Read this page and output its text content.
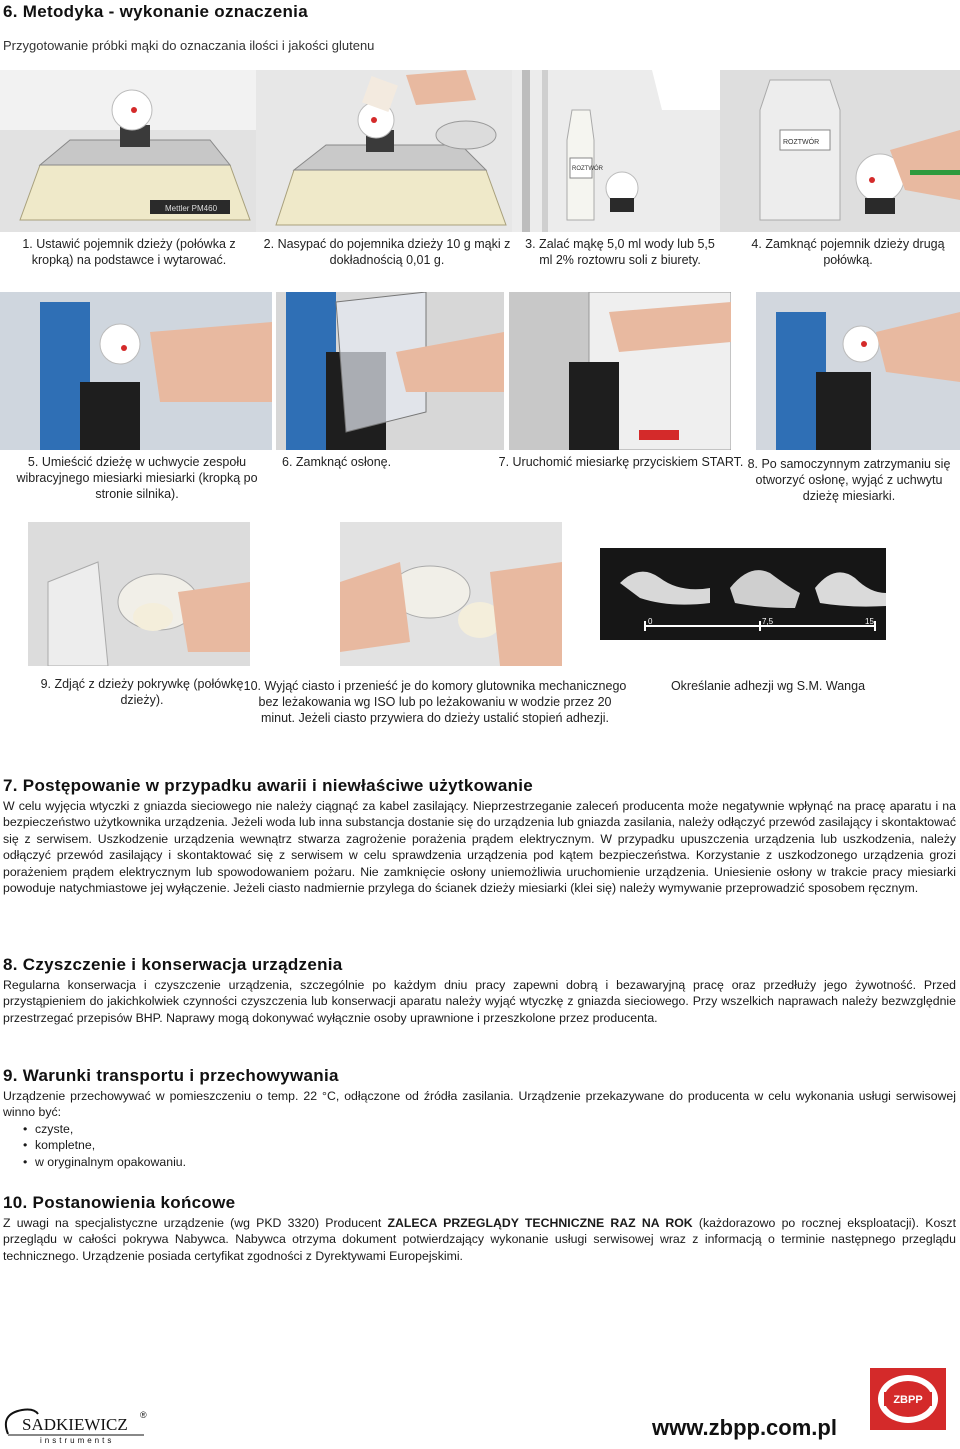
6. Metodyka - wykonanie oznaczenia
Przygotowanie próbki mąki do oznaczania ilości i jakości glutenu
Mettler PM460
ROZTWÓR
ROZTWÓR
1. Ustawić pojemnik dzieży (połówka z kropką) na podstawce i wytarować.
2. Nasypać do pojemnika dzieży 10 g mąki z dokładnością 0,01 g.
3. Zalać mąkę 5,0 ml wody lub 5,5 ml 2% roztowru soli z biurety.
4. Zamknąć pojemnik dzieży drugą połówką.
5. Umieścić dzieżę w uchwycie zespołu wibracyjnego miesiarki miesiarki (kropką po stronie silnika).
6. Zamknąć osłonę.	7. Uruchomić miesiarkę przyciskiem START. 8. Po samoczynnym zatrzymaniu się otworzyć osłonę, wyjąć z uchwytu dzieżę miesiarki.
0	7,5	15
9. Zdjąć z dzieży pokrywkę (połówkę dzieży).
10. Wyjąć ciasto i przenieść je do komory glutownika mechanicznego bez leżakowania wg ISO lub po leżakowaniu w wodzie przez 20 minut. Jeżeli ciasto przywiera do dzieży ustalić stopień adhezji.
Określanie adhezji wg S.M. Wanga
7. Postępowanie w przypadku awarii i niewłaściwe użytkowanie

W celu wyjęcia wtyczki z gniazda sieciowego nie należy ciągnąć za kabel zasilający. Nieprzestrzeganie zaleceń producenta może negatywnie wpłynąć na pracę aparatu i na bezpieczeństwo użytkownika urządzenia. Jeżeli woda lub inna substancja dostanie się do urządzenia lub gniazda zasilania, należy odłączyć przewód zasilający i skontaktować się z serwisem. Uszkodzenie urządzenia wewnątrz stwarza zagrożenie porażenia prądem elektrycznym. W przypadku upuszczenia urządzenia lub uszkodzenia, należy odłączyć przewód zasilający i skontaktować się z serwisem w celu sprawdzenia urządzenia pod kątem bezpieczeństwa. Korzystanie z uszkodzonego urządzenia grozi porażeniem prądem elektrycznym lub spowodowaniem pożaru. Nie zamknięcie osłony uniemożliwia uruchomienie urządzenia. Uniesienie osłony w trakcie pracy miesiarki powoduje natychmiastowe jej wyłączenie. Jeżeli ciasto nadmiernie przylega do ścianek dzieży miesiarki (klei się) należy wymywanie przeprowadzić sposobem ręcznym.

8. Czyszczenie i konserwacja urządzenia

Regularna konserwacja i czyszczenie urządzenia, szczególnie po każdym dniu pracy zapewni dobrą i bezawaryjną pracę oraz przedłuży jego żywotność. Przed przystąpieniem do jakichkolwiek czynności czyszczenia lub konserwacji aparatu należy wyjąć wtyczkę z gniazda sieciowego. Przy wszelkich naprawach należy bezwzględnie przestrzegać przepisów BHP. Naprawy mogą dokonywać wyłącznie osoby uprawnione i przeszkolone przez producenta.

9. Warunki transportu i przechowywania

Urządzenie przechowywać w pomieszczeniu o temp. 22 °C, odłączone od źródła zasilania. Urządzenie przekazywane do producenta w celu wykonania usługi serwisowej winno być:

• czyste,
• kompletne,
• w oryginalnym opakowaniu.
10. Postanowienia końcowe

Z uwagi na specjalistyczne urządzenie (wg PKD 3320) Producent ZALECA PRZEGLĄDY TECHNICZNE RAZ NA ROK (każdorazowo po rocznej eksploatacji). Koszt przeglądu w całości pokrywa Nabywca. Nabywca otrzyma dokument potwierdzający wykonanie usługi serwisowej wraz z informacją o terminie następnego przeglądu technicznego. Urządzenie posiada certyfikat zgodności z Dyrektywami Europejskimi.

SADKIEWICZ ®
instruments
www.zbpp.com.pl
ZBPP
